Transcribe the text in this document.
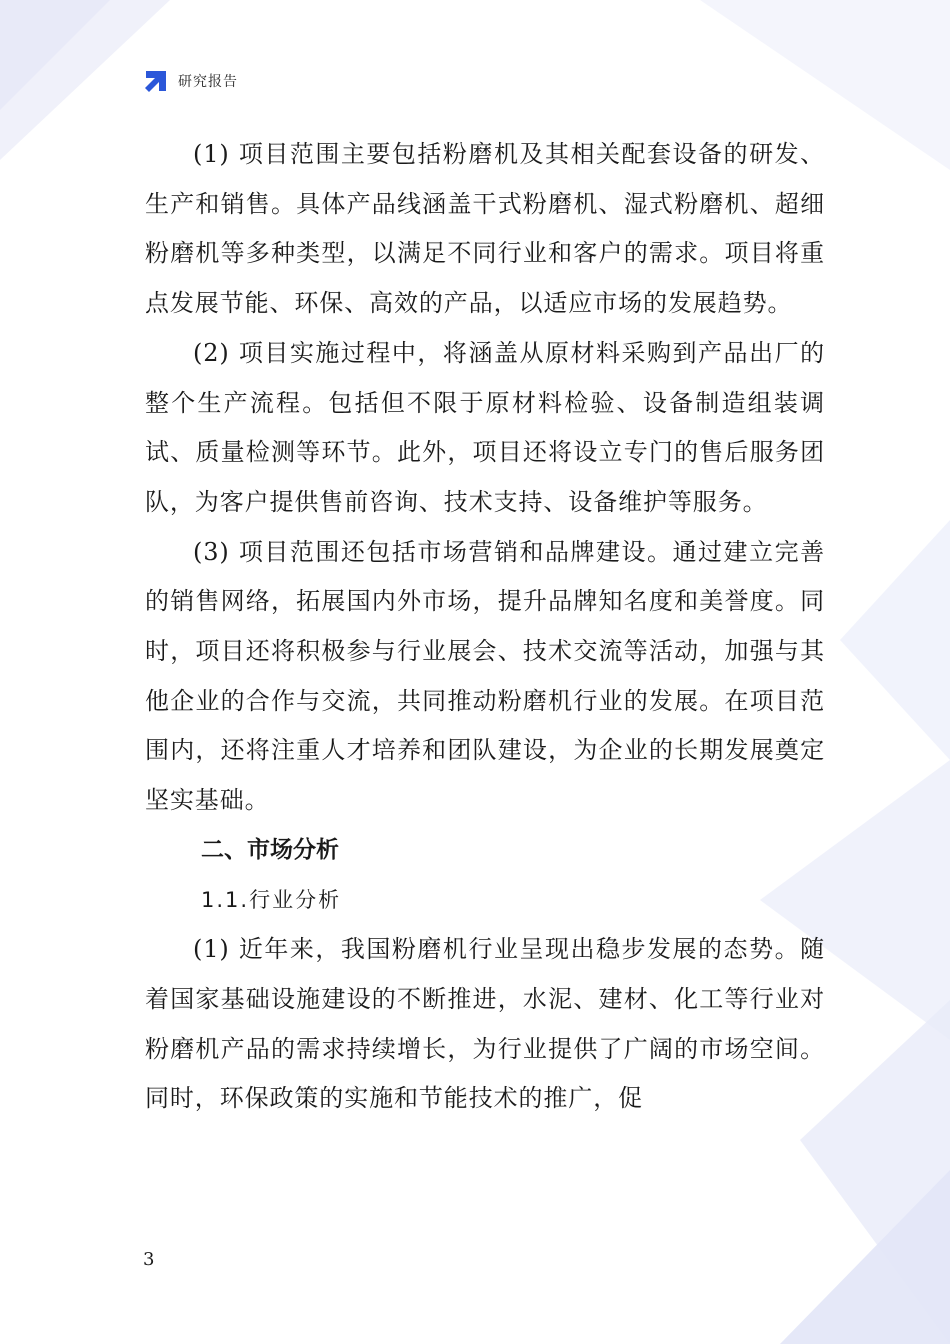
研究报告

(1) 项目范围主要包括粉磨机及其相关配套设备的研发、生产和销售。具体产品线涵盖干式粉磨机、湿式粉磨机、超细粉磨机等多种类型，以满足不同行业和客户的需求。项目将重点发展节能、环保、高效的产品，以适应市场的发展趋势。

(2) 项目实施过程中，将涵盖从原材料采购到产品出厂的整个生产流程。包括但不限于原材料检验、设备制造组装调试、质量检测等环节。此外，项目还将设立专门的售后服务团队，为客户提供售前咨询、技术支持、设备维护等服务。

(3) 项目范围还包括市场营销和品牌建设。通过建立完善的销售网络，拓展国内外市场，提升品牌知名度和美誉度。同时，项目还将积极参与行业展会、技术交流等活动，加强与其他企业的合作与交流，共同推动粉磨机行业的发展。在项目范围内，还将注重人才培养和团队建设，为企业的长期发展奠定坚实基础。

二、市场分析

1.1.行业分析

(1) 近年来，我国粉磨机行业呈现出稳步发展的态势。随着国家基础设施建设的不断推进，水泥、建材、化工等行业对粉磨机产品的需求持续增长，为行业提供了广阔的市场空间。同时，环保政策的实施和节能技术的推广，促

3
